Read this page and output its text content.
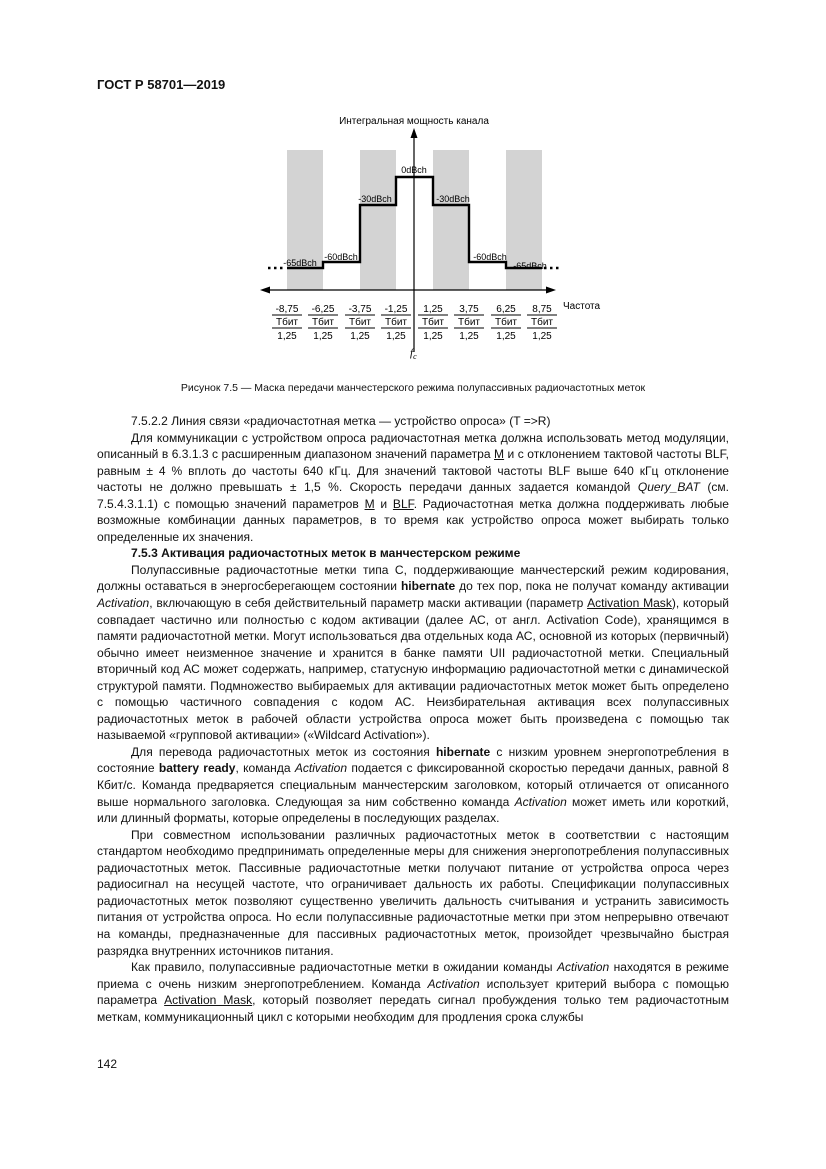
ГОСТ Р 58701—2019
-65dBch
-60dBch
-30dBch
0dBch
-30dBch
-60dBch
-65dBch
Интегральная мощность канала
Частота
$f_c$
-8,75
Tбит
1,25
-6,25
Tбит
1,25
-3,75
Tбит
1,25
-1,25
Tбит
1,25
1,25
Tбит
1,25
3,75
Tбит
1,25
6,25
Tбит
1,25
8,75
Tбит
1,25
Рисунок 7.5 — Маска передачи манчестерского режима полупассивных радиочастотных меток

7.5.2.2 Линия связи «радиочастотная метка — устройство опроса» (T =>R)

Для коммуникации с устройством опроса радиочастотная метка должна использовать метод модуляции, описанный в 6.3.1.3 с расширенным диапазоном значений параметра M и с отклонением тактовой частоты BLF, равным ± 4 % вплоть до частоты 640 кГц. Для значений тактовой частоты BLF выше 640 кГц отклонение частоты не должно превышать ± 1,5 %. Скорость передачи данных задается командой Query_BAT (см. 7.5.4.3.1.1) с помощью значений параметров M и BLF. Радиочастотная метка должна поддерживать любые возможные комбинации данных параметров, в то время как устройство опроса может выбирать только определенные их значения.

7.5.3 Активация радиочастотных меток в манчестерском режиме

Полупассивные радиочастотные метки типа С, поддерживающие манчестерский режим кодирования, должны оставаться в энергосберегающем состоянии hibernate до тех пор, пока не получат команду активации Activation, включающую в себя действительный параметр маски активации (параметр Activation Mask), который совпадает частично или полностью с кодом активации (далее АС, от англ. Activation Code), хранящимся в памяти радиочастотной метки. Могут использоваться два отдельных кода АС, основной из которых (первичный) обычно имеет неизменное значение и хранится в банке памяти UII радиочастотной метки. Специальный вторичный код АС может содержать, например, статусную информацию радиочастотной метки с динамической структурой памяти. Подмножество выбираемых для активации радиочастотных меток может быть определено с помощью частичного совпадения с кодом АС. Неизбирательная активация всех полупассивных радиочастотных меток в рабочей области устройства опроса может быть произведена с помощью так называемой «групповой активации» («Wildcard Activation»).

Для перевода радиочастотных меток из состояния hibernate с низким уровнем энергопотребления в состояние battery ready, команда Activation подается с фиксированной скоростью передачи данных, равной 8 Кбит/с. Команда предваряется специальным манчестерским заголовком, который отличается от описанного выше нормального заголовка. Следующая за ним собственно команда Activation может иметь или короткий, или длинный форматы, которые определены в последующих разделах.

При совместном использовании различных радиочастотных меток в соответствии с настоящим стандартом необходимо предпринимать определенные меры для снижения энергопотребления полупассивных радиочастотных меток. Пассивные радиочастотные метки получают питание от устройства опроса через радиосигнал на несущей частоте, что ограничивает дальность их работы. Спецификации полупассивных радиочастотных меток позволяют существенно увеличить дальность считывания и устранить зависимость питания от устройства опроса. Но если полупассивные радиочастотные метки при этом непрерывно отвечают на команды, предназначенные для пассивных радиочастотных меток, произойдет чрезвычайно быстрая разрядка внутренних источников питания.

Как правило, полупассивные радиочастотные метки в ожидании команды Activation находятся в режиме приема с очень низким энергопотреблением. Команда Activation использует критерий выбора с помощью параметра Activation Mask, который позволяет передать сигнал пробуждения только тем радиочастотным меткам, коммуникационный цикл с которыми необходим для продления срока службы

142
